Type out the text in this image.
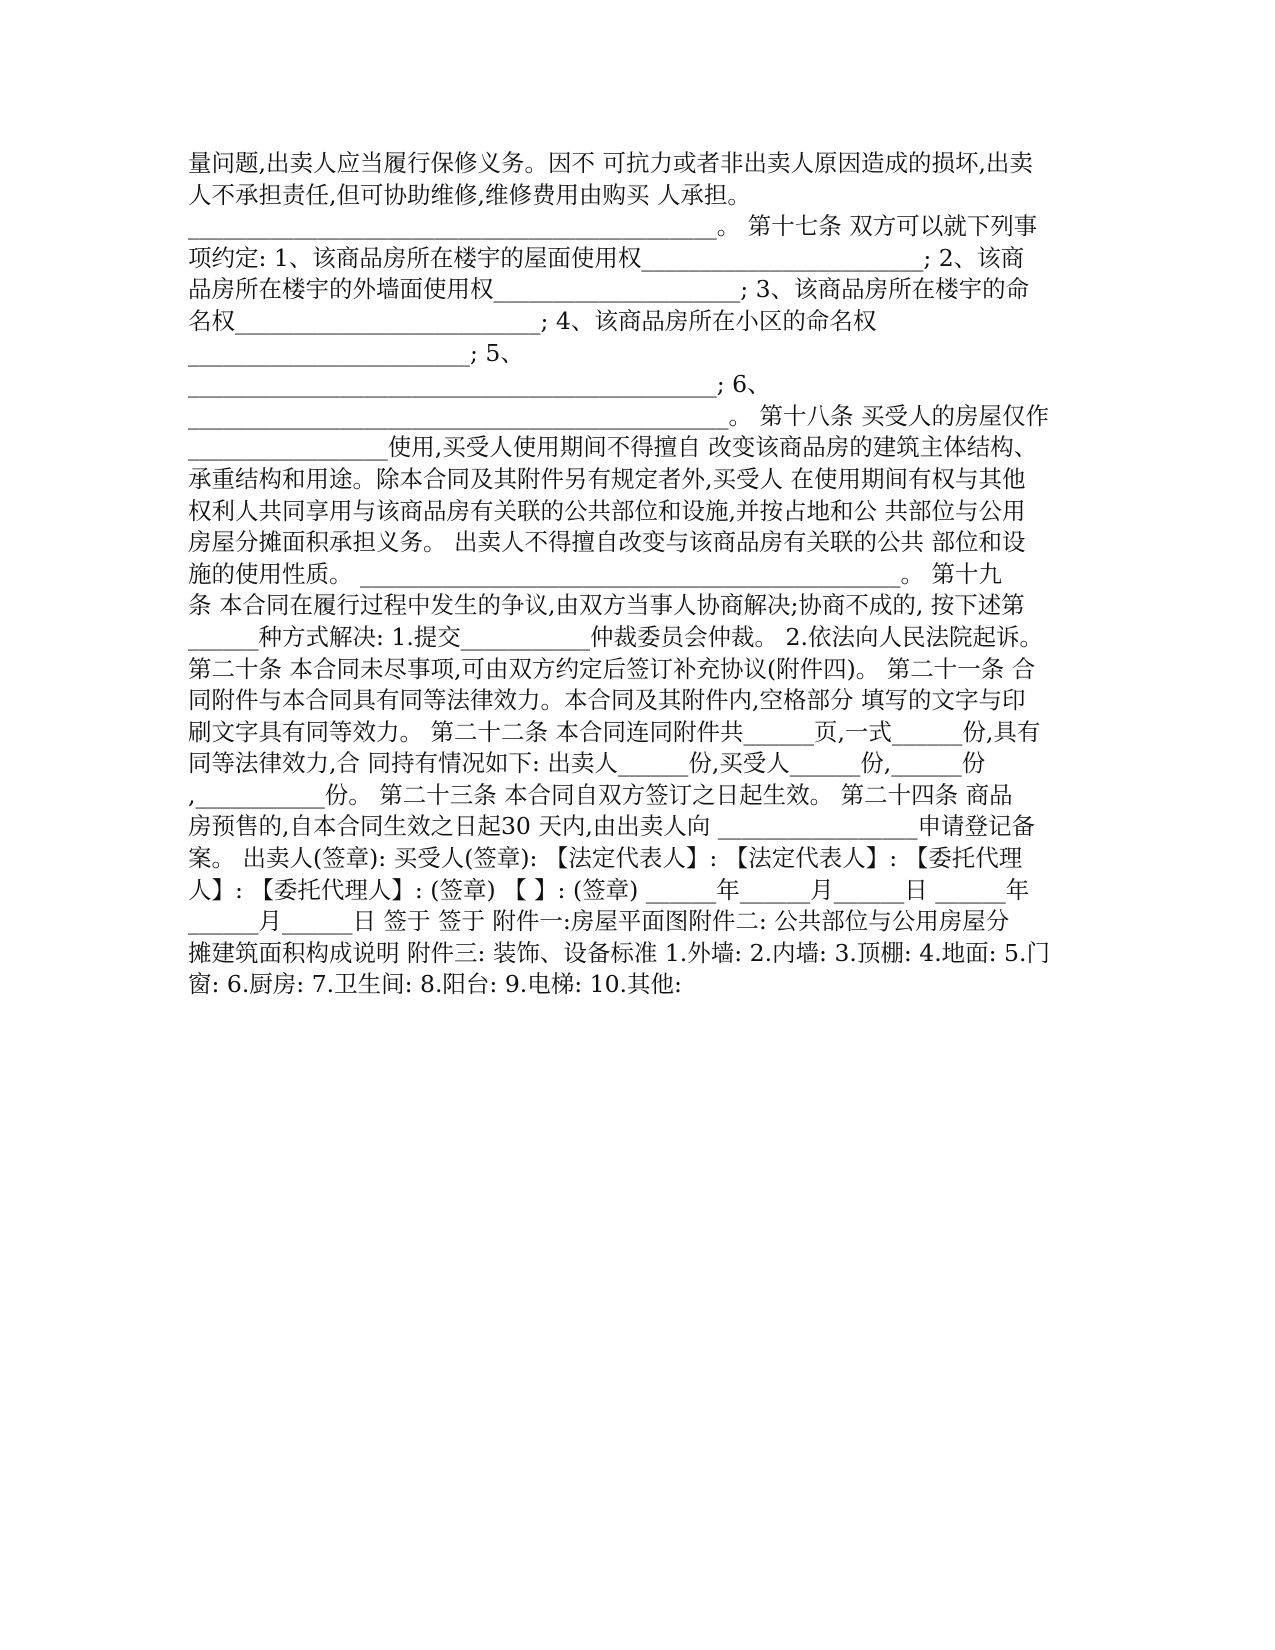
量问题,出卖人应当履行保修义务。因不 可抗力或者非出卖人原因造成的损坏,出卖
人不承担责任,但可协助维修,维修费用由购买 人承担。
_____________________________________________。 第十七条 双方可以就下列事
项约定: 1、该商品房所在楼宇的屋面使用权________________________; 2、该商
品房所在楼宇的外墙面使用权_____________________; 3、该商品房所在楼宇的命
名权__________________________; 4、该商品房所在小区的命名权
________________________; 5、
_____________________________________________; 6、
______________________________________________。 第十八条 买受人的房屋仅作
_________________使用,买受人使用期间不得擅自 改变该商品房的建筑主体结构、
承重结构和用途。除本合同及其附件另有规定者外,买受人 在使用期间有权与其他
权利人共同享用与该商品房有关联的公共部位和设施,并按占地和公 共部位与公用
房屋分摊面积承担义务。 出卖人不得擅自改变与该商品房有关联的公共 部位和设
施的使用性质。 ______________________________________________。 第十九
条 本合同在履行过程中发生的争议,由双方当事人协商解决;协商不成的, 按下述第
______种方式解决: 1.提交___________仲裁委员会仲裁。 2.依法向人民法院起诉。
第二十条 本合同未尽事项,可由双方约定后签订补充协议(附件四)。 第二十一条 合
同附件与本合同具有同等法律效力。本合同及其附件内,空格部分 填写的文字与印
刷文字具有同等效力。 第二十二条 本合同连同附件共______页,一式______份,具有
同等法律效力,合 同持有情况如下: 出卖人______份,买受人______份,______份
,___________份。 第二十三条 本合同自双方签订之日起生效。 第二十四条 商品
房预售的,自本合同生效之日起30 天内,由出卖人向 _________________申请登记备
案。 出卖人(签章): 买受人(签章): 【法定代表人】: 【法定代表人】: 【委托代理
人】: 【委托代理人】: (签章) 【 】: (签章) ______年______月______日 ______年
______月______日 签于 签于 附件一:房屋平面图附件二: 公共部位与公用房屋分
摊建筑面积构成说明 附件三: 装饰、设备标准 1.外墙: 2.内墙: 3.顶棚: 4.地面: 5.门
窗: 6.厨房: 7.卫生间: 8.阳台: 9.电梯: 10.其他:
